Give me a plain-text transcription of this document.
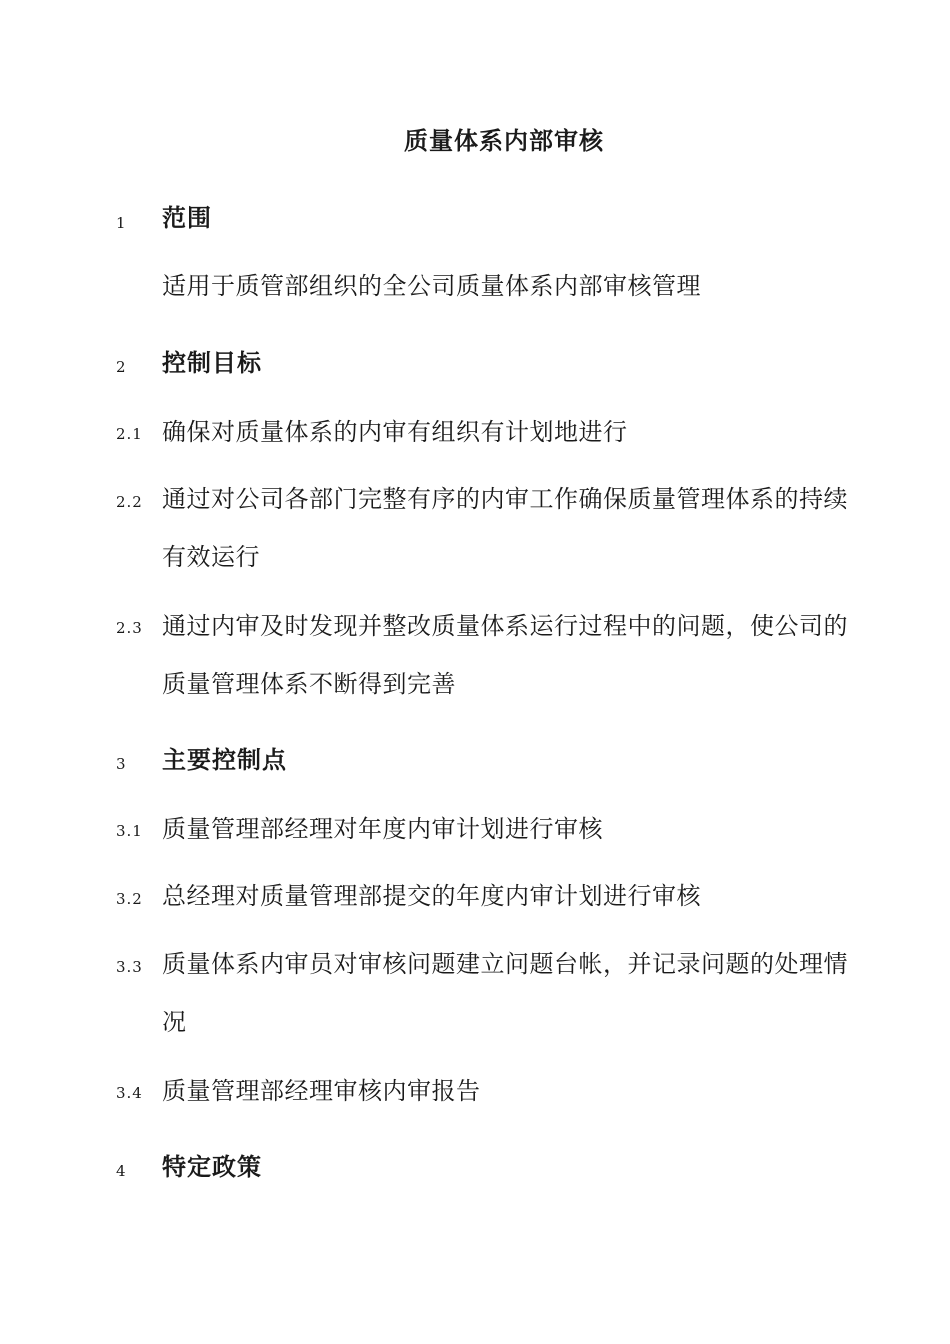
质量体系内部审核
1 范围
适用于质管部组织的全公司质量体系内部审核管理
2 控制目标
2.1 确保对质量体系的内审有组织有计划地进行
2.2 通过对公司各部门完整有序的内审工作确保质量管理体系的持续有效运行
2.3 通过内审及时发现并整改质量体系运行过程中的问题，使公司的质量管理体系不断得到完善
3 主要控制点
3.1 质量管理部经理对年度内审计划进行审核
3.2 总经理对质量管理部提交的年度内审计划进行审核
3.3 质量体系内审员对审核问题建立问题台帐，并记录问题的处理情况
3.4 质量管理部经理审核内审报告
4 特定政策
